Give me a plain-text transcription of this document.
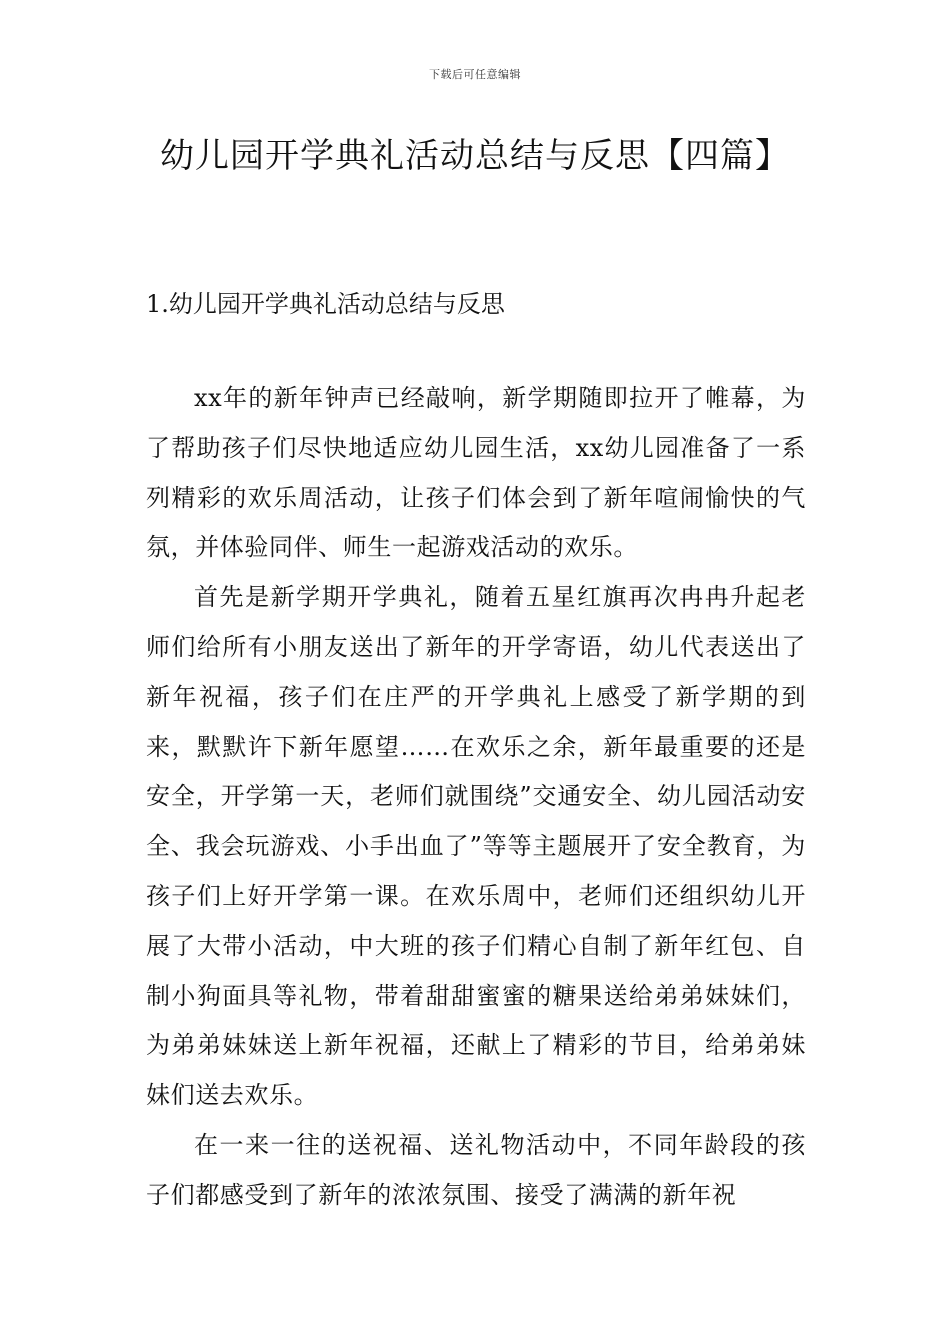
下载后可任意编辑
幼儿园开学典礼活动总结与反思【四篇】
1.幼儿园开学典礼活动总结与反思

xx年的新年钟声已经敲响，新学期随即拉开了帷幕，为了帮助孩子们尽快地适应幼儿园生活，xx幼儿园准备了一系列精彩的欢乐周活动，让孩子们体会到了新年喧闹愉快的气氛，并体验同伴、师生一起游戏活动的欢乐。

首先是新学期开学典礼，随着五星红旗再次冉冉升起老师们给所有小朋友送出了新年的开学寄语，幼儿代表送出了新年祝福，孩子们在庄严的开学典礼上感受了新学期的到来，默默许下新年愿望……在欢乐之余，新年最重要的还是安全，开学第一天，老师们就围绕”交通安全、幼儿园活动安全、我会玩游戏、小手出血了”等等主题展开了安全教育，为孩子们上好开学第一课。在欢乐周中，老师们还组织幼儿开展了大带小活动，中大班的孩子们精心自制了新年红包、自制小狗面具等礼物，带着甜甜蜜蜜的糖果送给弟弟妹妹们，为弟弟妹妹送上新年祝福，还献上了精彩的节目，给弟弟妹妹们送去欢乐。

在一来一往的送祝福、送礼物活动中，不同年龄段的孩子们都感受到了新年的浓浓氛围、接受了满满的新年祝
